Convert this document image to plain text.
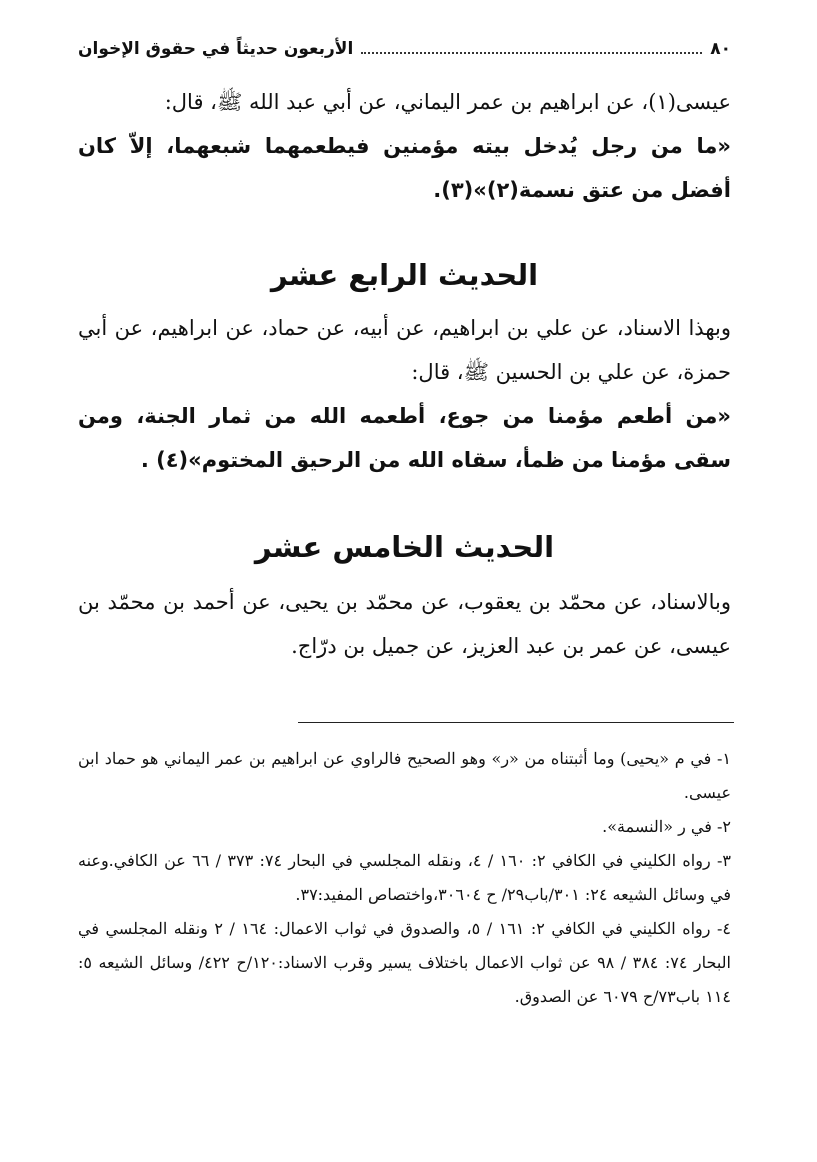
٨٠
الأربعون حديثاً في حقوق الإخوان

عيسى(١)، عن ابراهيم بن عمر اليماني، عن أبي عبد الله ﷺ، قال:

«ما من رجل يُدخل بيته مؤمنين فيطعمهما شبعهما، إلاّ كان أفضل من عتق نسمة(٢)»(٣).

الحديث الرابع عشر

وبهذا الاسناد، عن علي بن ابراهيم، عن أبيه، عن حماد، عن ابراهيم، عن أبي حمزة، عن علي بن الحسين ﷺ، قال:

«من أطعم مؤمنا من جوع، أطعمه الله من ثمار الجنة، ومن سقى مؤمنا من ظمأ، سقاه الله من الرحيق المختوم»(٤) .

الحديث الخامس عشر

وبالاسناد، عن محمّد بن يعقوب، عن محمّد بن يحيى، عن أحمد بن محمّد بن عيسى، عن عمر بن عبد العزيز، عن جميل بن درّاج.

١- في م «يحيى) وما أثبتناه من «ر» وهو الصحيح فالراوي عن ابراهيم بن عمر اليماني هو حماد ابن عيسى.

٢- في ر «النسمة».

٣- رواه الكليني في الكافي ٢: ١٦٠ / ٤، ونقله المجلسي في البحار ٧٤: ٣٧٣ / ٦٦ عن الكافي.وعنه في وسائل الشيعه ٢٤: ٣٠١/باب٢٩/ ح ٣٠٦٠٤،واختصاص المفيد:٣٧.

٤- رواه الكليني في الكافي ٢: ١٦١ / ٥، والصدوق في ثواب الاعمال: ١٦٤ / ٢ ونقله المجلسي في البحار ٧٤: ٣٨٤ / ٩٨ عن ثواب الاعمال باختلاف يسير وقرب الاسناد:١٢٠/ح ٤٢٢/ وسائل الشيعه ٥: ١١٤ باب٧٣/ح ٦٠٧٩ عن الصدوق.
